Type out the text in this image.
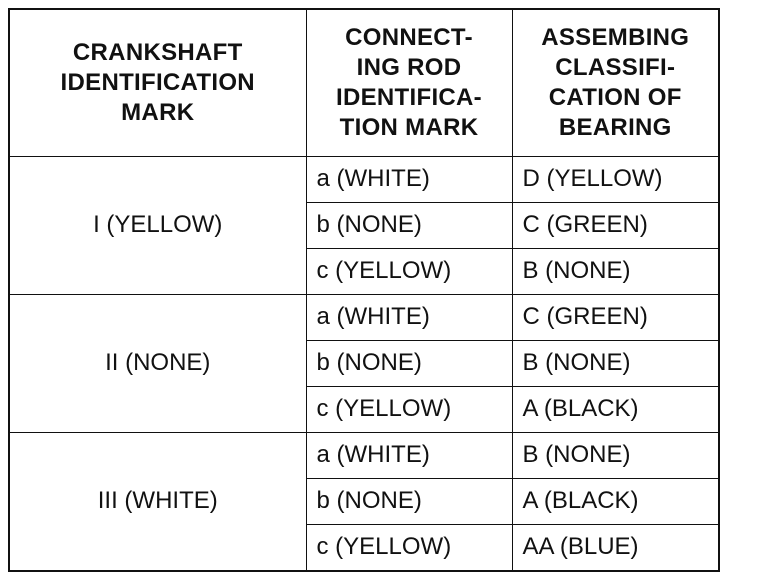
CRANKSHAFT
IDENTIFICATION
MARK	CONNECT-
ING ROD
IDENTIFICA-
TION MARK	ASSEMBING
CLASSIFI-
CATION OF
BEARING

I (YELLOW)	a (WHITE)	D (YELLOW)
	b (NONE)	C (GREEN)
	c (YELLOW)	B (NONE)
II (NONE)	a (WHITE)	C (GREEN)
	b (NONE)	B (NONE)
	c (YELLOW)	A (BLACK)
III (WHITE)	a (WHITE)	B (NONE)
	b (NONE)	A (BLACK)
	c (YELLOW)	AA (BLUE)
